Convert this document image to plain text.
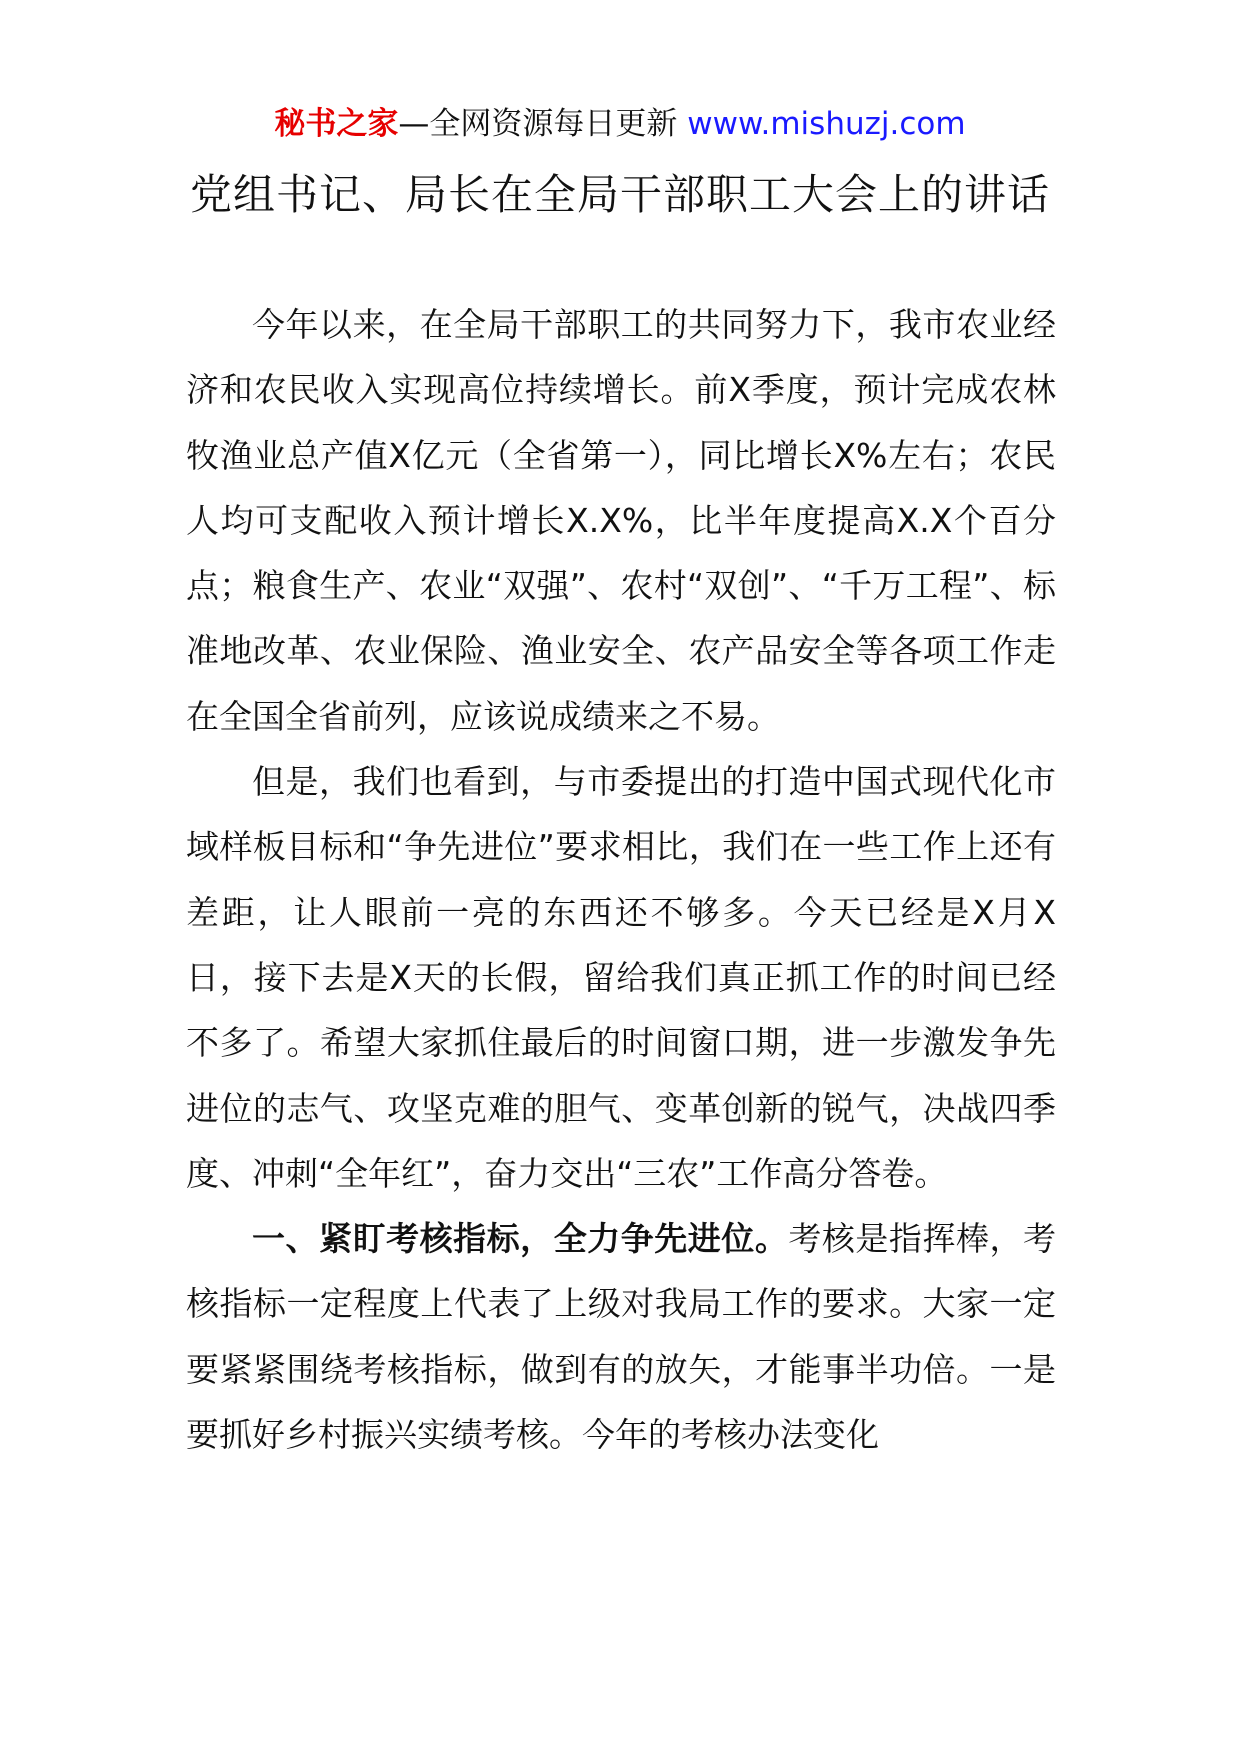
秘书之家—全网资源每日更新 www.mishuzj.com
党组书记、局长在全局干部职工大会上的讲话

今年以来，在全局干部职工的共同努力下，我市农业经济和农民收入实现高位持续增长。前X季度，预计完成农林牧渔业总产值X亿元（全省第一），同比增长X%左右；农民人均可支配收入预计增长X.X%，比半年度提高X.X个百分点；粮食生产、农业“双强”、农村“双创”、“千万工程”、标准地改革、农业保险、渔业安全、农产品安全等各项工作走在全国全省前列，应该说成绩来之不易。

但是，我们也看到，与市委提出的打造中国式现代化市域样板目标和“争先进位”要求相比，我们在一些工作上还有差距，让人眼前一亮的东西还不够多。今天已经是X月X日，接下去是X天的长假，留给我们真正抓工作的时间已经不多了。希望大家抓住最后的时间窗口期，进一步激发争先进位的志气、攻坚克难的胆气、变革创新的锐气，决战四季度、冲刺“全年红”，奋力交出“三农”工作高分答卷。

一、紧盯考核指标，全力争先进位。考核是指挥棒，考核指标一定程度上代表了上级对我局工作的要求。大家一定要紧紧围绕考核指标，做到有的放矢，才能事半功倍。一是要抓好乡村振兴实绩考核。今年的考核办法变化
